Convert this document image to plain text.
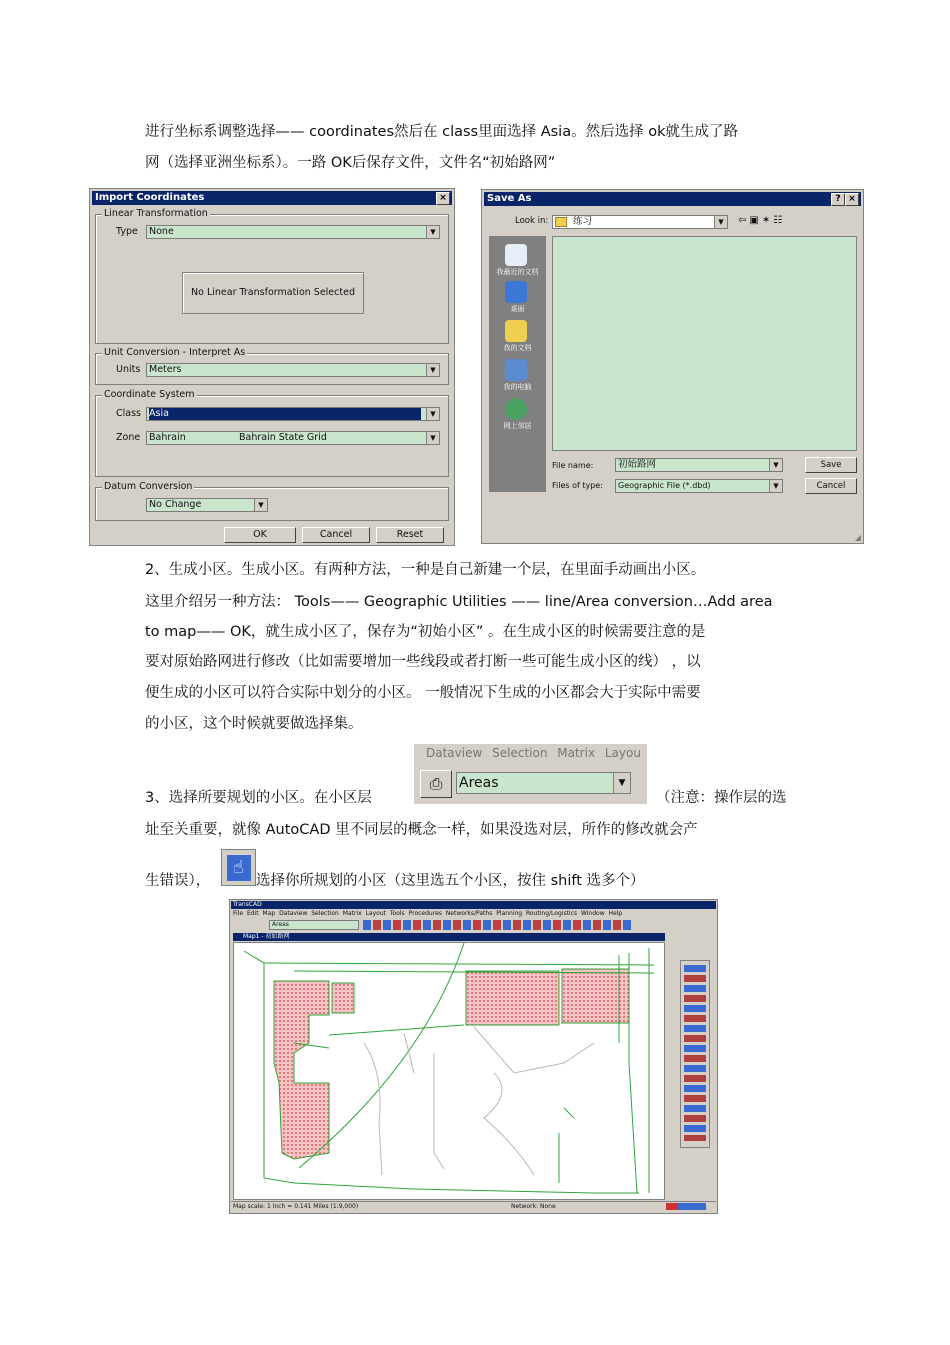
进行坐标系调整选择—— coordinates然后在 class里面选择 Asia。然后选择 ok就生成了路
网（选择亚洲坐标系）。一路 OK后保存文件，文件名“初始路网”
Import Coordinates	×
Linear Transformation
Type	None	▼
No Linear Transformation Selected
Unit Conversion - Interpret As
Units Meters	▼
Coordinate System
Class Asia	▼
Zone Bahrain	Bahrain State Grid	▼
Datum Conversion
No Change	▼
OK	Cancel	Reset
Save As	? ×
Look in:	练习	▼	⇦▣✶☷
我最近的文档
桌面
我的文档
我的电脑
网上邻居
File name:	初始路网	▼
Files of type:	Geographic File (*.dbd)	▼
Save
Cancel
◢
2、生成小区。生成小区。有两种方法，一种是自己新建一个层，在里面手动画出小区。
这里介绍另一种方法： Tools—— Geographic Utilities —— line/Area conversion…Add area
to map—— OK，就生成小区了，保存为“初始小区” 。在生成小区的时候需要注意的是
要对原始路网进行修改（比如需要增加一些线段或者打断一些可能生成小区的线） ，以
便生成的小区可以符合实际中划分的小区。 一般情况下生成的小区都会大于实际中需要
的小区，这个时候就要做选择集。
Dataview Selection Matrix Layou
⎙	Areas	▼
3、选择所要规划的小区。在小区层	（注意：操作层的选
址至关重要，就像 AutoCAD 里不同层的概念一样，如果没选对层，所作的修改就会产
生错误），
☝
选择你所规划的小区（这里选五个小区，按住 shift 选多个）
TransCAD
File Edit Map Dataview Selection Matrix Layout Tools Procedures Networks/Paths Planning Routing/Logistics Window Help
Areas
Map1 - 初始路网
Map scale: 1 Inch = 0.141 Miles (1:9,000)	Network: None
